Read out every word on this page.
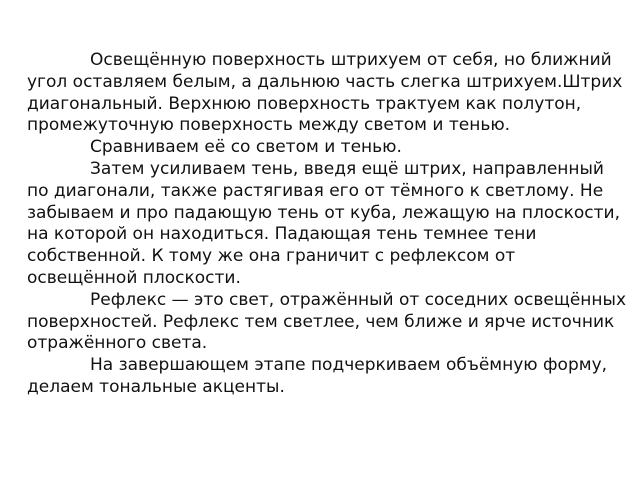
Освещённую поверхность штрихуем от себя, но ближний угол оставляем белым, а дальнюю часть слегка штрихуем.Штрих диагональный. Верхнюю поверхность трактуем как полутон, промежуточную поверхность между светом и тенью.

Сравниваем её со светом и тенью.

Затем усиливаем тень, введя ещё штрих, направленный по диагонали, также растягивая его от тёмного к светлому. Не забываем и про падающую тень от куба, лежащую на плоскости, на которой он находиться. Падающая тень темнее тени собственной. К тому же она граничит с рефлексом от освещённой плоскости.

Рефлекс — это свет, отражённый от соседних освещённых поверхностей. Рефлекс тем светлее, чем ближе и ярче источник отражённого света.

На завершающем этапе подчеркиваем объёмную форму, делаем тональные акценты.
